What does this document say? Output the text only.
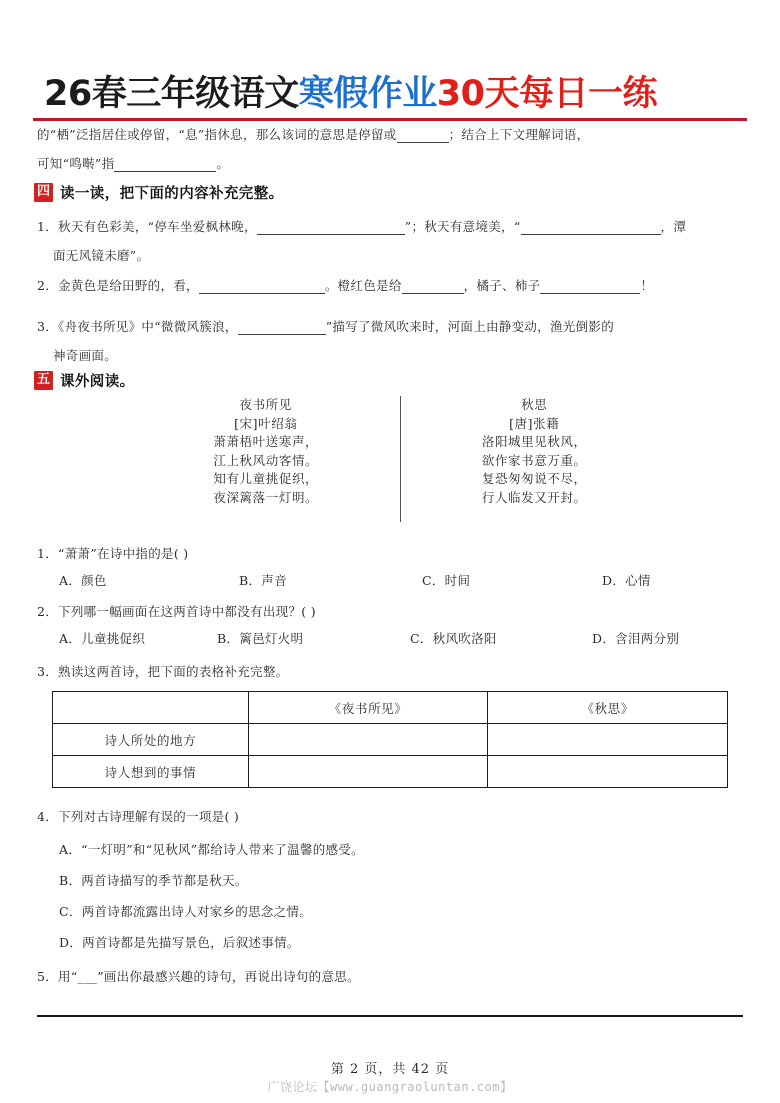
26春三年级语文寒假作业30天每日一练
的“栖”泛指居住或停留，“息”指休息，那么该词的意思是停留或	；结合上下文理解词语，
可知“鸣啭”指	。
四 读一读，把下面的内容补充完整。
1．秋天有色彩美，“停车坐爱枫林晚，	”；秋天有意境美，“	，潭
面无风镜未磨”。
2．金黄色是给田野的，看，	。橙红色是给	，橘子、柿子	！
3．《舟夜书所见》中“微微风簇浪，	”描写了微风吹来时，河面上由静变动，渔光倒影的
神奇画面。
五 课外阅读。
夜书所见
[宋]叶绍翁
萧萧梧叶送寒声，
江上秋风动客情。
知有儿童挑促织，
夜深篱落一灯明。
秋思
[唐]张籍
洛阳城里见秋风，
欲作家书意万重。
复恐匆匆说不尽，
行人临发又开封。
1．“萧萧”在诗中指的是( )
A．颜色	B．声音	C．时间	D．心情
2．下列哪一幅画面在这两首诗中都没有出现？( )
A．儿童挑促织	B．篱邑灯火明	C．秋风吹洛阳	D．含泪两分别
3．熟读这两首诗，把下面的表格补充完整。
	《夜书所见》	《秋思》
诗人所处的地方		
诗人想到的事情		
4．下列对古诗理解有误的一项是( )
A．“一灯明”和“见秋风”都给诗人带来了温馨的感受。
B．两首诗描写的季节都是秋天。
C．两首诗都流露出诗人对家乡的思念之情。
D．两首诗都是先描写景色，后叙述事情。
5．用“___”画出你最感兴趣的诗句，再说出诗句的意思。
第 2 页，共 42 页
广饶论坛【www.guangraoluntan.com】
